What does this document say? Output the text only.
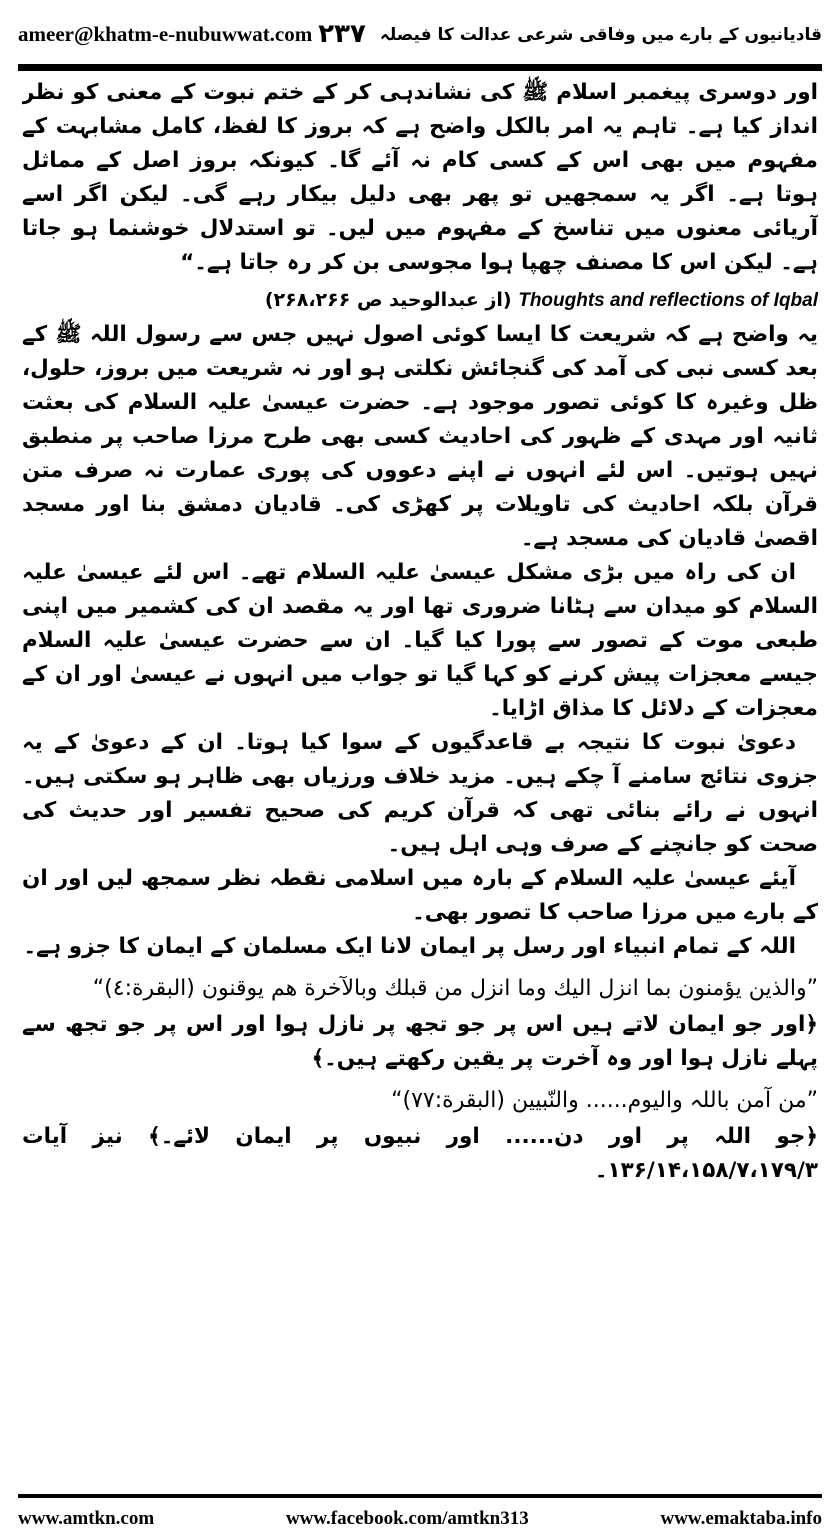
ameer@khatm-e-nubuwwat.com	قادیانیوں کے بارے میں وفاقی شرعی عدالت کا فیصلہ
۲۳۷

اور دوسری پیغمبر اسلام ﷺ کی نشاندہی کر کے ختم نبوت کے معنی کو نظر انداز کیا ہے۔ تاہم یہ امر بالکل واضح ہے کہ بروز کا لفظ، کامل مشابہت کے مفہوم میں بھی اس کے کسی کام نہ آئے گا۔ کیونکہ بروز اصل کے مماثل ہوتا ہے۔ اگر یہ سمجھیں تو پھر بھی دلیل بیکار رہے گی۔ لیکن اگر اسے آریائی معنوں میں تناسخ کے مفہوم میں لیں۔ تو استدلال خوشنما ہو جاتا ہے۔ لیکن اس کا مصنف چھپا ہوا مجوسی بن کر رہ جاتا ہے۔“

Thoughts and reflections of Iqbal (از عبدالوحید ص ۲۶۸،۲۶۶)

یہ واضح ہے کہ شریعت کا ایسا کوئی اصول نہیں جس سے رسول اللہ ﷺ کے بعد کسی نبی کی آمد کی گنجائش نکلتی ہو اور نہ شریعت میں بروز، حلول، ظل وغیرہ کا کوئی تصور موجود ہے۔ حضرت عیسیٰ علیہ السلام کی بعثت ثانیہ اور مہدی کے ظہور کی احادیث کسی بھی طرح مرزا صاحب پر منطبق نہیں ہوتیں۔ اس لئے انہوں نے اپنے دعووں کی پوری عمارت نہ صرف متن قرآن بلکہ احادیث کی تاویلات پر کھڑی کی۔ قادیان دمشق بنا اور مسجد اقصیٰ قادیان کی مسجد ہے۔

ان کی راہ میں بڑی مشکل عیسیٰ علیہ السلام تھے۔ اس لئے عیسیٰ علیہ السلام کو میدان سے ہٹانا ضروری تھا اور یہ مقصد ان کی کشمیر میں اپنی طبعی موت کے تصور سے پورا کیا گیا۔ ان سے حضرت عیسیٰ علیہ السلام جیسے معجزات پیش کرنے کو کہا گیا تو جواب میں انہوں نے عیسیٰ اور ان کے معجزات کے دلائل کا مذاق اڑایا۔

دعویٰ نبوت کا نتیجہ بے قاعدگیوں کے سوا کیا ہوتا۔ ان کے دعویٰ کے یہ جزوی نتائج سامنے آ چکے ہیں۔ مزید خلاف ورزیاں بھی ظاہر ہو سکتی ہیں۔ انہوں نے رائے بنائی تھی کہ قرآن کریم کی صحیح تفسیر اور حدیث کی صحت کو جانچنے کے صرف وہی اہل ہیں۔

آیئے عیسیٰ علیہ السلام کے بارہ میں اسلامی نقطہ نظر سمجھ لیں اور ان کے بارے میں مرزا صاحب کا تصور بھی۔

اللہ کے تمام انبیاء اور رسل پر ایمان لانا ایک مسلمان کے ایمان کا جزو ہے۔

”والذین یؤمنون بما انزل الیك وما انزل من قبلك وبالآخرة هم یوقنون (البقرة:٤)“

﴿اور جو ایمان لاتے ہیں اس پر جو تجھ پر نازل ہوا اور اس پر جو تجھ سے پہلے نازل ہوا اور وہ آخرت پر یقین رکھتے ہیں۔﴾

”من آمن باللہ والیوم...... والنّبیین (البقرة:٧٧)“

﴿جو اللہ پر اور دن...... اور نبیوں پر ایمان لائے۔﴾ نیز آیات ۱۳۶/۱۴،۱۵۸/۷،۱۷۹/۳۔

www.amtkn.com	www.facebook.com/amtkn313	www.emaktaba.info
